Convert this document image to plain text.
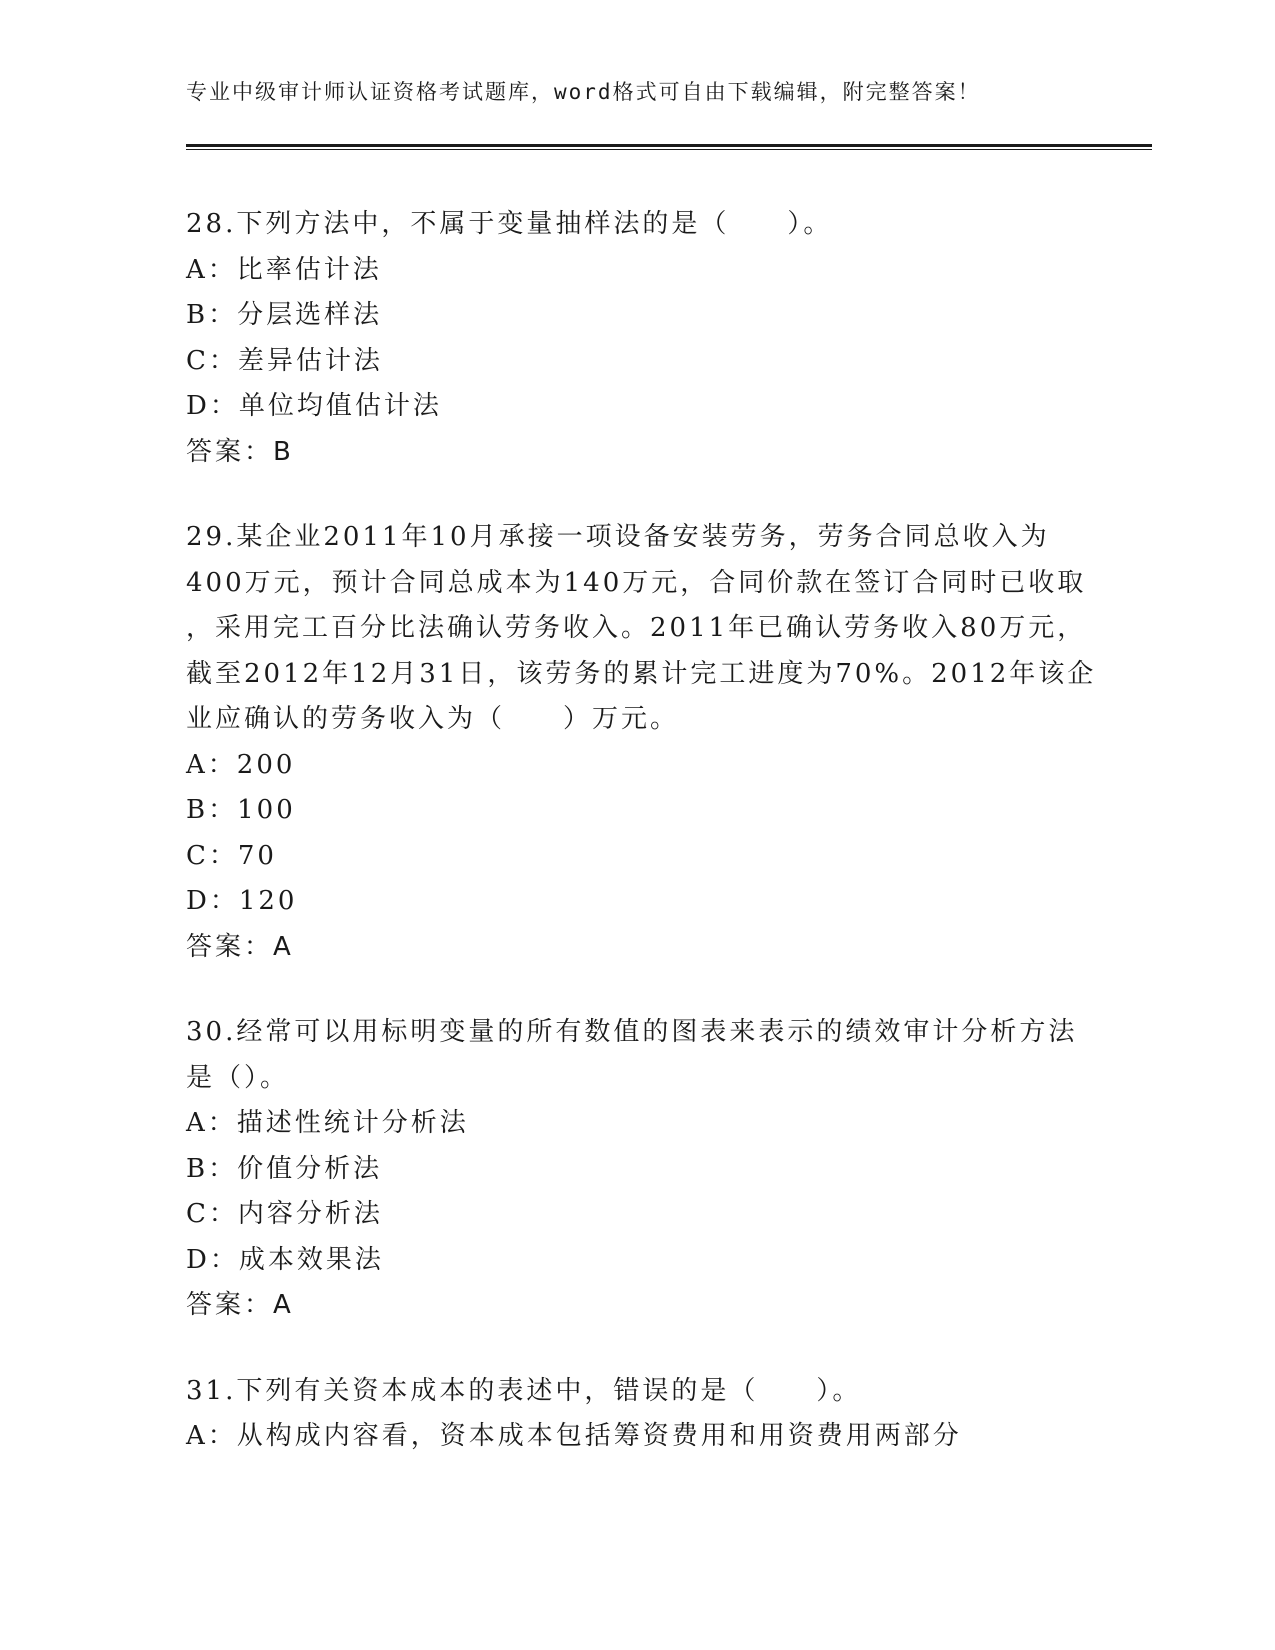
专业中级审计师认证资格考试题库，word格式可自由下载编辑，附完整答案！
28.下列方法中，不属于变量抽样法的是（　　）。
A：比率估计法
B：分层选样法
C：差异估计法
D：单位均值估计法
答案：B
29.某企业2011年10月承接一项设备安装劳务，劳务合同总收入为
400万元，预计合同总成本为140万元，合同价款在签订合同时已收取
，采用完工百分比法确认劳务收入。2011年已确认劳务收入80万元，
截至2012年12月31日，该劳务的累计完工进度为70%。2012年该企
业应确认的劳务收入为（　　）万元。
A：200
B：100
C：70
D：120
答案：A
30.经常可以用标明变量的所有数值的图表来表示的绩效审计分析方法
是（）。
A：描述性统计分析法
B：价值分析法
C：内容分析法
D：成本效果法
答案：A
31.下列有关资本成本的表述中，错误的是（　　）。
A：从构成内容看，资本成本包括筹资费用和用资费用两部分
